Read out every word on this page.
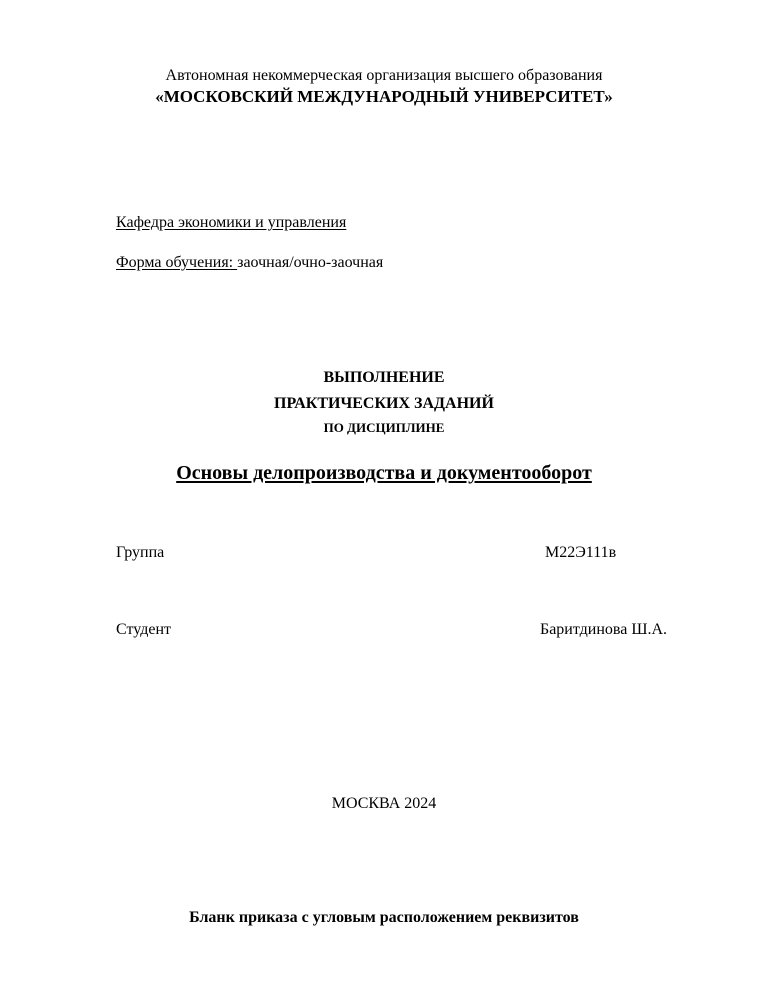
Автономная некоммерческая организация высшего образования
«МОСКОВСКИЙ МЕЖДУНАРОДНЫЙ УНИВЕРСИТЕТ»
Кафедра экономики и управления
Форма обучения: заочная/очно-заочная
ВЫПОЛНЕНИЕ
ПРАКТИЧЕСКИХ ЗАДАНИЙ
ПО ДИСЦИПЛИНЕ
Основы делопроизводства и документооборот
Группа	М22Э111в
Студент	Баритдинова Ш.А.
МОСКВА 2024
Бланк приказа с угловым расположением реквизитов
